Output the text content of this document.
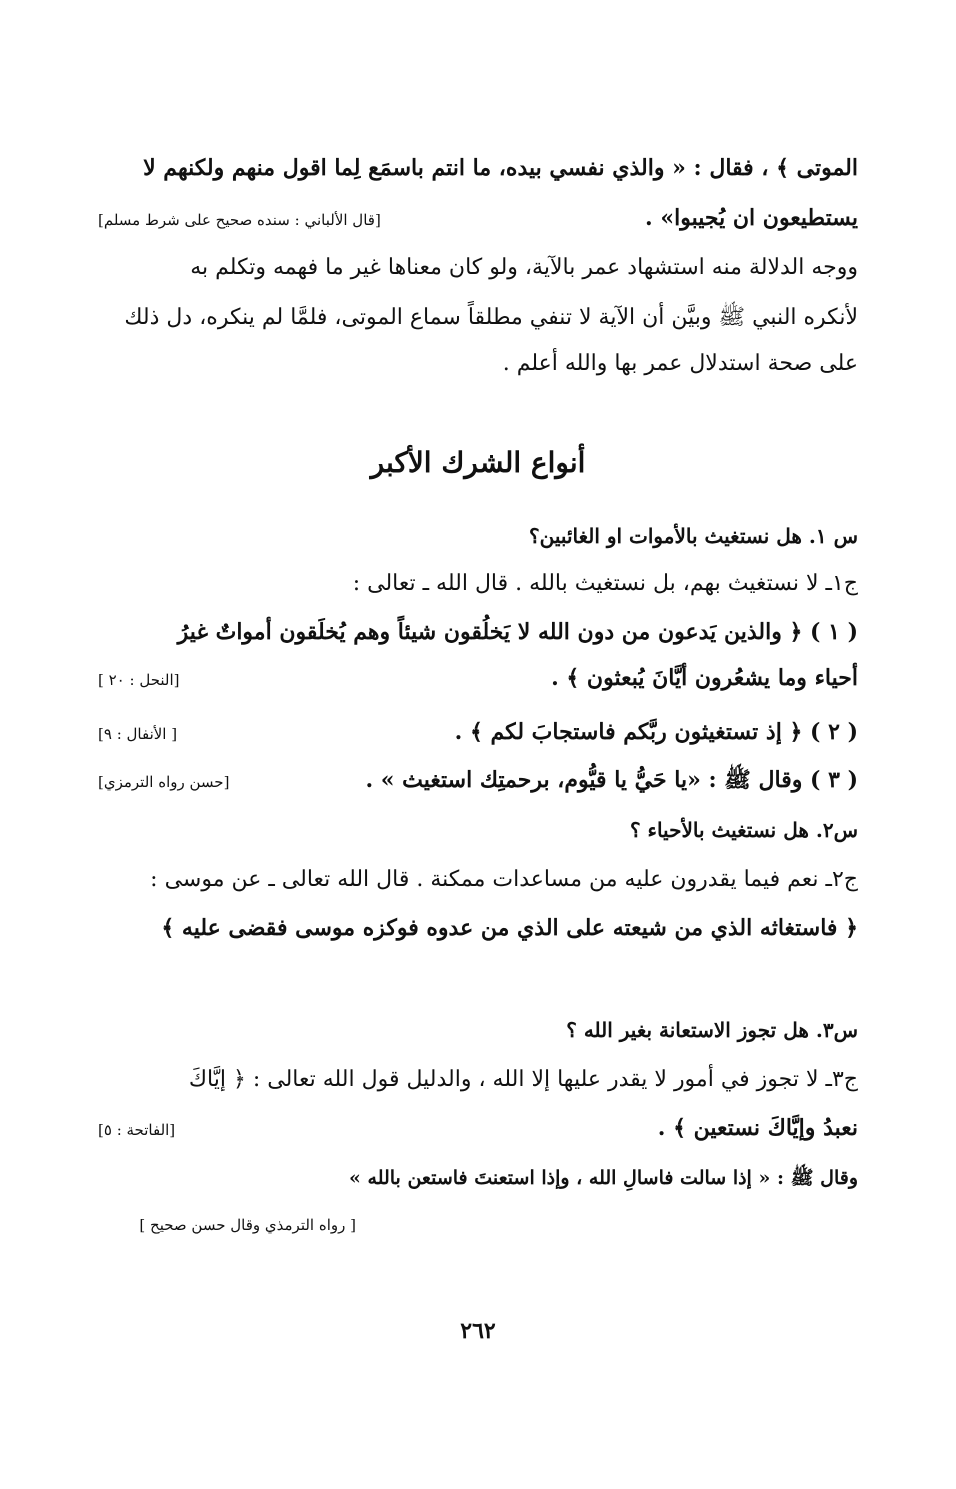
الموتى ﴾ ، فقال : « والذي نفسي بيده، ما انتم باسمَع لِما اقول منهم ولكنهم لا
يستطيعون ان يُجيبوا» .
[قال الألباني : سنده صحيح على شرط مسلم]
ووجه الدلالة منه استشهاد عمر بالآية، ولو كان معناها غير ما فهمه وتكلم به
لأنكره النبي ﷺ وبيَّن أن الآية لا تنفي مطلقاً سماع الموتى، فلمَّا لم ينكره، دل ذلك
على صحة استدلال عمر بها والله أعلم .
أنواع الشرك الأكبر
س ١. هل نستغيث بالأموات او الغائبين؟
ج١ـ لا نستغيث بهم، بل نستغيث بالله . قال الله ـ تعالى :
( ١ ) ﴿ والذين يَدعون من دون الله لا يَخلُقون شيئاً وهم يُخلَقون أمواتٌ غيرُ
أحياء وما يشعُرون أيَّانَ يُبعثون ﴾ .
[النحل : ٢٠ ]
( ٢ ) ﴿ إذ تستغيثون ربَّكم فاستجابَ لكم ﴾ .
[ الأنفال : ٩]
( ٣ ) وقال ﷺ : «يا حَيُّ يا قيُّوم، برحمتِك استغيث » .
[حسن رواه الترمزي]
س٢. هل نستغيث بالأحياء ؟
ج٢ـ نعم فيما يقدرون عليه من مساعدات ممكنة . قال الله تعالى ـ عن موسى :
﴿ فاستغاثه الذي من شيعته على الذي من عدوه فوكزه موسى فقضى عليه ﴾
س٣. هل تجوز الاستعانة بغير الله ؟
ج٣ـ لا تجوز في أمور لا يقدر عليها إلا الله ، والدليل قول الله تعالى : ﴿ إيَّاكَ
نعبدُ وإيَّاكَ نستعين ﴾ .
[الفاتحة : ٥]
وقال ﷺ : « إذا سالت فاسالِ الله ، وإذا استعنتَ فاستعن بالله »
[ رواه الترمذي وقال حسن صحيح ]
٢٦٢
